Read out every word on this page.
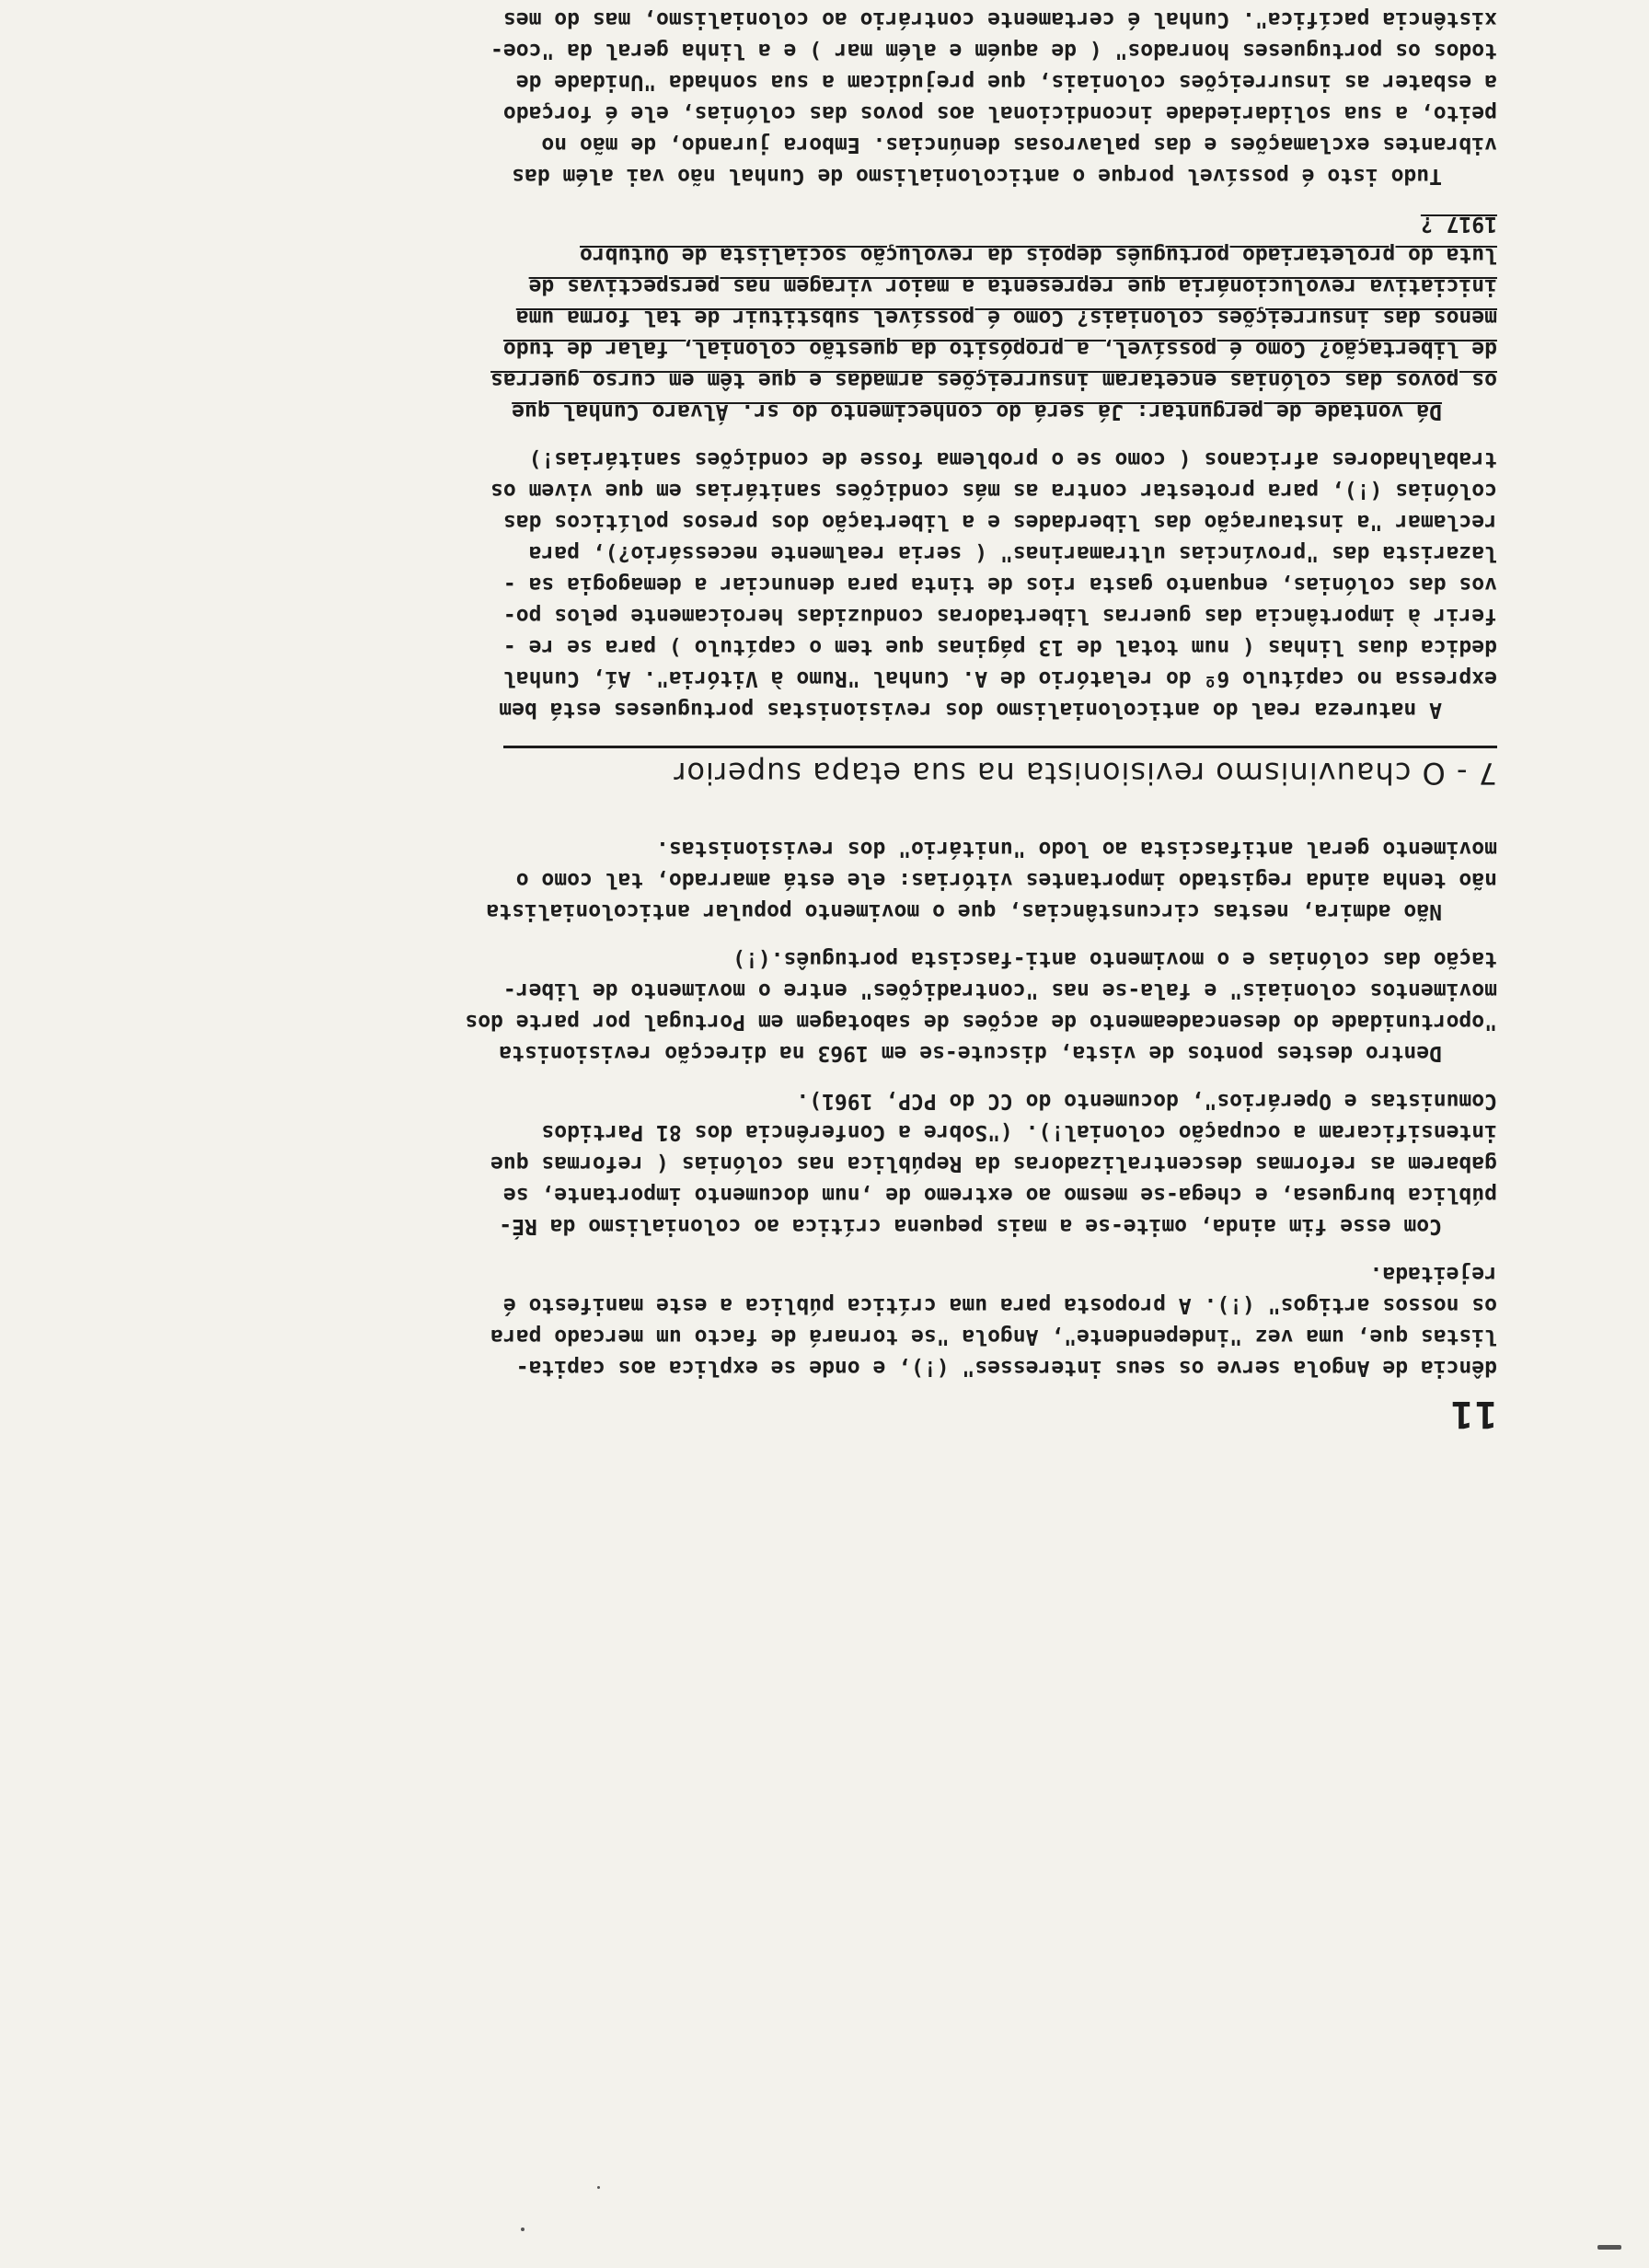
11

dência de Angola serve os seus interesses" (!), e onde se explica aos capita-
listas que, uma vez "independente", Angola "se tornará de facto um mercado para
os nossos artigos" (!). A proposta para uma crítica pública a este manifesto é
rejeitada.

Com esse fim ainda, omite-se a mais pequena crítica ao colonialismo da RÉ-
pública burguesa, e chega-se mesmo ao extremo de ,num documento importante, se
gabarem as reformas descentralizadoras da República nas colónias ( reformas que
intensificaram a ocupação colonial!). ("Sobre a Conferência dos 81 Partidos
Comunistas e Operários", documento do CC do PCP, 1961).

Dentro destes pontos de vista, discute-se em 1963 na direcção revisionista
"oportunidade do desencadeamento de acções de sabotagem em Portugal por parte dos
movimentos coloniais" e fala-se nas "contradições" entre o movimento de liber-
tação das colónias e o movimento anti-fascista português.(!)

Não admira, nestas circunstâncias, que o movimento popular anticolonialista
não tenha ainda registado importantes vitórias: ele está amarrado, tal como o
movimento geral antifascista ao lodo "unitário" dos revisionistas.

7 - O chauvinismo revisionista na sua etapa superior

A natureza real do anticolonialismo dos revisionistas portugueses está bem
expressa no capítulo 6º do relatório de A. Cunhal "Rumo à Vitória". Aí, Cunhal
dedica duas linhas ( num total de 13 páginas que tem o capítulo ) para se re -
ferir à importância das guerras libertadoras conduzidas heroicamente pelos po-
vos das colónias, enquanto gasta rios de tinta para denunciar a demagogia sa -
lazarista das "províncias ultramarinas" ( seria realmente necessário?), para
reclamar "a instauração das liberdades e a libertação dos presos políticos das
colónias (!), para protestar contra as más condições sanitárias em que vivem os
trabalhadores africanos ( como se o problema fosse de condições sanitárias!)

Dá vontade de perguntar: Já será do conhecimento do sr. Álvaro Cunhal que
os povos das colónias encetaram insurreições armadas e que têm em curso guerras
de libertação? Como é possível, a propósito da questão colonial, falar de tudo
menos das insurreições coloniais? Como é possível substituir de tal forma uma
iniciativa revolucionária que representa a maior viragem nas perspectivas de
luta do proletariado português depois da revolução socialista de Outubro
1917 ?

Tudo isto é possível porque o anticolonialismo de Cunhal não vai além das
vibrantes exclamações e das palavrosas denúncias. Embora jurando, de mão no
peito, a sua solidariedade incondicional aos povos das colónias, ele é forçado
a esbater as insurreições coloniais, que prejudicam a sua sonhada "Unidade de
todos os portugueses honrados" ( de aquém e além mar ) e a linha geral da "coe-
xistência pacífica". Cunhal é certamente contrário ao colonialismo, mas do mes
